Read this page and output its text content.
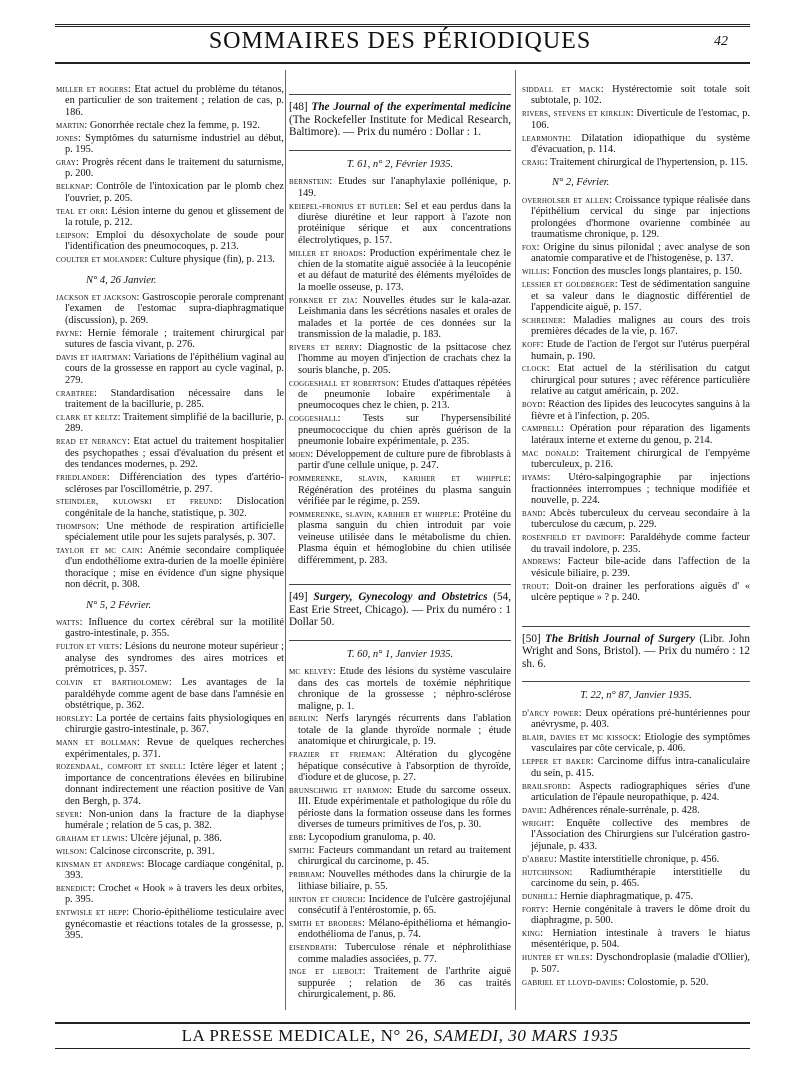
SOMMAIRES DES PÉRIODIQUES	42

miller et rogers: Etat actuel du problème du tétanos, en particulier de son traitement ; relation de cas, p. 186.

martin: Gonorrhée rectale chez la femme, p. 192.

jones: Symptômes du saturnisme industriel au début, p. 195.

gray: Progrès récent dans le traitement du saturnisme, p. 200.

belknap: Contrôle de l'intoxication par le plomb chez l'ouvrier, p. 205.

teal et orr: Lésion interne du genou et glissement de la rotule, p. 212.

leipson: Emploi du désoxycholate de soude pour l'identification des pneumocoques, p. 213.

coulter et molander: Culture physique (fin), p. 213.

N° 4, 26 Janvier.

jackson et jackson: Gastroscopie perorale comprenant l'examen de l'estomac supra-diaphragmatique (discussion), p. 269.

payne: Hernie fémorale ; traitement chirurgical par sutures de fascia vivant, p. 276.

davis et hartman: Variations de l'épithélium vaginal au cours de la grossesse en rapport au cycle vaginal, p. 279.

crabtree: Standardisation nécessaire dans le traitement de la bacillurie, p. 285.

clark et keltz: Traitement simplifié de la bacillurie, p. 289.

read et nerancy: Etat actuel du traitement hospitalier des psychopathes ; essai d'évaluation du présent et des tendances modernes, p. 292.

friedlander: Différenciation des types d'artério-scléroses par l'oscillométrie, p. 297.

steindler, kulowski et freund: Dislocation congénitale de la hanche, statistique, p. 302.

thompson: Une méthode de respiration artificielle spécialement utile pour les sujets paralysés, p. 307.

taylor et mc cain: Anémie secondaire compliquée d'un endothéliome extra-durien de la moelle épinière thoracique ; mise en évidence d'un signe physique non décrit, p. 308.

N° 5, 2 Février.

watts: Influence du cortex cérébral sur la motilité gastro-intestinale, p. 355.

fulton et viets: Lésions du neurone moteur supérieur ; analyse des syndromes des aires motrices et prémotrices, p. 357.

colvin et bartholomew: Les avantages de la paraldéhyde comme agent de base dans l'amnésie en obstétrique, p. 362.

horsley: La portée de certains faits physiologiques en chirurgie gastro-intestinale, p. 367.

mann et bollman: Revue de quelques recherches expérimentales, p. 371.

rozendaal, comfort et snell: Ictère léger et latent ; importance de concentrations élevées en bilirubine donnant indirectement une réaction positive de Van den Bergh, p. 374.

sever: Non-union dans la fracture de la diaphyse humérale ; relation de 5 cas, p. 382.

graham et lewis: Ulcère jéjunal, p. 386.

wilson: Calcinose circonscrite, p. 391.

kinsman et andrews: Blocage cardiaque congénital, p. 393.

benedict: Crochet « Hook » à travers les deux orbites, p. 395.

entwisle et hepp: Chorio-épithéliome testiculaire avec gynécomastie et réactions totales de la grossesse, p. 395.

[48] The Journal of the experimental medicine (The Rockefeller Institute for Medical Research, Baltimore). — Prix du numéro : Dollar : 1.
T. 61, n° 2, Février 1935.

bernstein: Etudes sur l'anaphylaxie pollénique, p. 149.

keiepel-fronius et butler: Sel et eau perdus dans la diurèse diurétine et leur rapport à l'azote non protéinique sérique et aux concentrations électrolytiques, p. 157.

miller et rhoads: Production expérimentale chez le chien de la stomatite aiguë associée à la leucopénie et au défaut de maturité des éléments myéloïdes de la moelle osseuse, p. 173.

forkner et zia: Nouvelles études sur le kala-azar. Leishmania dans les sécrétions nasales et orales de malades et la portée de ces données sur la transmission de la maladie, p. 183.

rivers et berry: Diagnostic de la psittacose chez l'homme au moyen d'injection de crachats chez la souris blanche, p. 205.

coggeshall et robertson: Etudes d'attaques répétées de pneumonie lobaire expérimentale à pneumocoques chez le chien, p. 213.

coggeshall: Tests sur l'hypersensibilité pneumococcique du chien après guérison de la pneumonie lobaire expérimentale, p. 235.

moen: Développement de culture pure de fibroblasts à partir d'une cellule unique, p. 247.

pommerenke, slavin, kariher et whipple: Régénération des protéines du plasma sanguin vérifiée par le régime, p. 259.

pommerenke, slavin, kariher et whipple: Protéine du plasma sanguin du chien introduit par voie veineuse utilisée dans le métabolisme du chien. Plasma équin et hémoglobine du chien utilisée différemment, p. 283.

[49] Surgery, Gynecology and Obstetrics (54, East Erie Street, Chicago). — Prix du numéro : 1 Dollar 50.
T. 60, n° 1, Janvier 1935.

mc kelvey: Etude des lésions du système vasculaire dans des cas mortels de toxémie néphritique chronique de la grossesse ; néphro-sclérose maligne, p. 1.

berlin: Nerfs laryngés récurrents dans l'ablation totale de la glande thyroïde normale ; étude anatomique et chirurgicale, p. 19.

frazier et frieman: Altération du glycogène hépatique consécutive à l'absorption de thyroïde, d'iodure et de glucose, p. 27.

brunschwig et harmon: Etude du sarcome osseux. III. Etude expérimentale et pathologique du rôle du périoste dans la formation osseuse dans les formes diverses de tumeurs primitives de l'os, p. 30.

ebb: Lycopodium granuloma, p. 40.

smith: Facteurs commandant un retard au traitement chirurgical du carcinome, p. 45.

pribram: Nouvelles méthodes dans la chirurgie de la lithiase biliaire, p. 55.

hinton et church: Incidence de l'ulcère gastrojéjunal consécutif à l'entérostomie, p. 65.

smith et broders: Mélano-épithélioma et hémangio-endothélioma de l'anus, p. 74.

eisendrath: Tuberculose rénale et néphrolithiase comme maladies associées, p. 77.

inge et liebolt: Traitement de l'arthrite aiguë suppurée ; relation de 36 cas traités chirurgicalement, p. 86.

siddall et mack: Hystérectomie soit totale soit subtotale, p. 102.

rivers, stevens et kirklin: Diverticule de l'estomac, p. 106.

learmonth: Dilatation idiopathique du système d'évacuation, p. 114.

craig: Traitement chirurgical de l'hypertension, p. 115.

N° 2, Février.

overholser et allen: Croissance typique réalisée dans l'épithélium cervical du singe par injections prolongées d'hormone ovarienne combinée au traumatisme chronique, p. 129.

fox: Origine du sinus pilonidal ; avec analyse de son anatomie comparative et de l'histogenèse, p. 137.

willis: Fonction des muscles longs plantaires, p. 150.

lessier et goldberger: Test de sédimentation sanguine et sa valeur dans le diagnostic différentiel de l'appendicite aiguë, p. 157.

schreiner: Maladies malignes au cours des trois premières décades de la vie, p. 167.

koff: Etude de l'action de l'ergot sur l'utérus puerpéral humain, p. 190.

clock: Etat actuel de la stérilisation du catgut chirurgical pour sutures ; avec référence particulière relative au catgut américain, p. 202.

boyd: Réaction des lipides des leucocytes sanguins à la fièvre et à l'infection, p. 205.

campbell: Opération pour réparation des ligaments latéraux interne et externe du genou, p. 214.

mac donald: Traitement chirurgical de l'empyème tuberculeux, p. 216.

hyams: Utéro-salpingographie par injections fractionnées interrompues ; technique modifiée et nouvelle, p. 224.

band: Abcès tuberculeux du cerveau secondaire à la tuberculose du cæcum, p. 229.

rosenfield et davidoff: Paraldéhyde comme facteur du travail indolore, p. 235.

andrews: Facteur bile-acide dans l'affection de la vésicule biliaire, p. 239.

trout: Doit-on drainer les perforations aiguës d' « ulcère peptique » ? p. 240.

[50] The British Journal of Surgery (Libr. John Wright and Sons, Bristol). — Prix du numéro : 12 sh. 6.
T. 22, n° 87, Janvier 1935.

d'arcy power: Deux opérations pré-huntériennes pour anévrysme, p. 403.

blair, davies et mc kissock: Etiologie des symptômes vasculaires par côte cervicale, p. 406.

lepper et baker: Carcinome diffus intra-canaliculaire du sein, p. 415.

brailsford: Aspects radiographiques séries d'une articulation de l'épaule neuropathique, p. 424.

davie: Adhérences rénale-surrénale, p. 428.

wright: Enquête collective des membres de l'Association des Chirurgiens sur l'ulcération gastro-jéjunale, p. 433.

d'abreu: Mastite interstitielle chronique, p. 456.

hutchinson: Radiumthérapie interstitielle du carcinome du sein, p. 465.

dunhill: Hernie diaphragmatique, p. 475.

forty: Hernie congénitale à travers le dôme droit du diaphragme, p. 500.

king: Herniation intestinale à travers le hiatus mésentérique, p. 504.

hunter et wiles: Dyschondroplasie (maladie d'Ollier), p. 507.

gabriel et lloyd-davies: Colostomie, p. 520.

LA PRESSE MEDICALE, N° 26, SAMEDI, 30 MARS 1935
